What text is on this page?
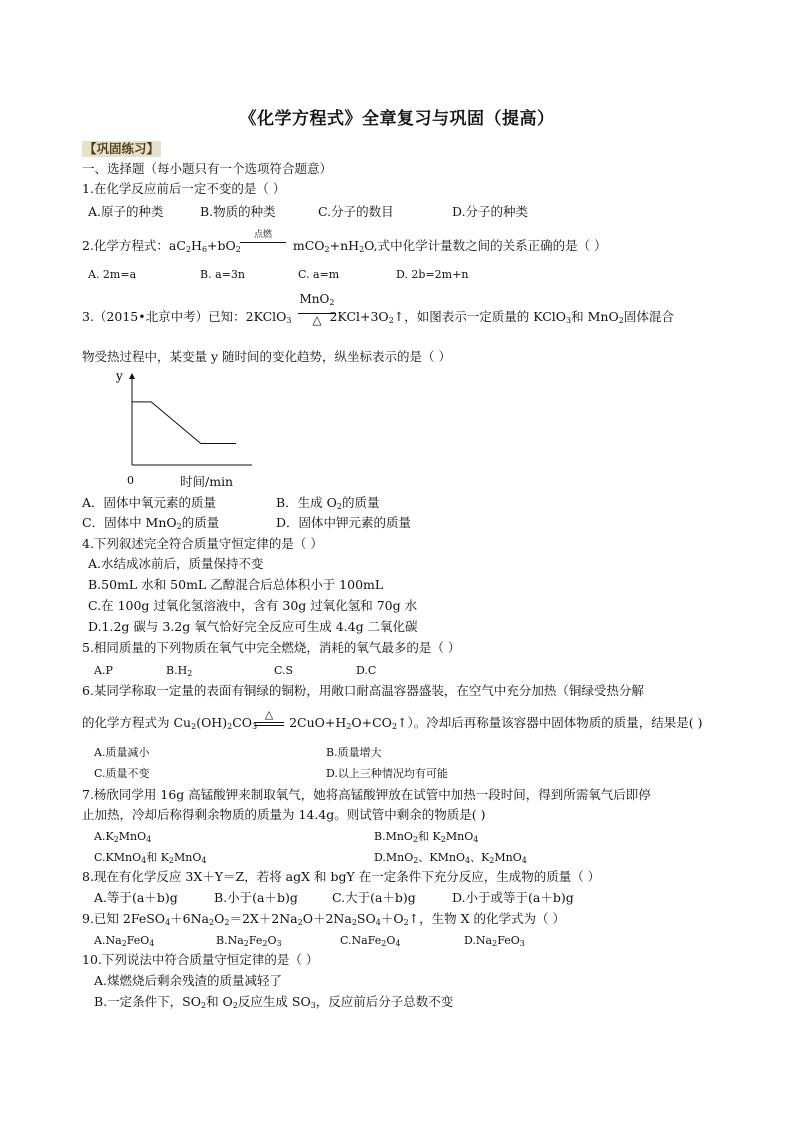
《化学方程式》全章复习与巩固（提高）
【巩固练习】
一、选择题（每小题只有一个选项符合题意）
1.在化学反应前后一定不变的是（ ）
A.原子的种类	B.物质的种类	C.分子的数目	D.分子的种类
2.化学方程式：$aC_2H_6+bO_2$	$mCO_2+nH_2O$,式中化学计量数之间的关系正确的是（ ）
点燃
A. 2m=a	B. a=3n	C. a=m	D. 2b=2m+n
MnO$_2$
△
3.（2015•北京中考）已知：2KClO$_3$	$2KCl+3O_2↑$，如图表示一定质量的 KClO$_3$和 MnO$_2$固体混合
物受热过程中，某变量 y 随时间的变化趋势，纵坐标表示的是（ ）
y
0	时间/min
A．固体中氧元素的质量	B．生成 $O_2$的质量
C．固体中 MnO$_2$的质量	D．固体中钾元素的质量
4.下列叙述完全符合质量守恒定律的是（ ）
A.水结成冰前后，质量保持不变
B.50mL 水和 50mL 乙醇混合后总体积小于 100mL
C.在 100g 过氧化氢溶液中，含有 30g 过氧化氢和 70g 水
D.1.2g 碳与 3.2g 氧气恰好完全反应可生成 4.4g 二氧化碳
5.相同质量的下列物质在氧气中完全燃烧，消耗的氧气最多的是（ ）
A.P	$B.H_2$	C.S	D.C
6.某同学称取一定量的表面有铜绿的铜粉，用敞口耐高温容器盛装，在空气中充分加热（铜绿受热分解
△
的化学方程式为 $Cu_2(OH)_2CO_3$	$2CuO+H_2O+CO_2↑$）。冷却后再称量该容器中固体物质的质量，结果是( )
A.质量减小	B.质量增大
C.质量不变	D.以上三种情况均有可能
7.杨欣同学用 16g 高锰酸钾来制取氧气，她将高锰酸钾放在试管中加热一段时间，得到所需氧气后即停
止加热，冷却后称得剩余物质的质量为 14.4g。则试管中剩余的物质是( )
$A.K_2MnO_4$	B.MnO$_2$和 $K_2MnO_4$
C.KMnO$_4$和 $K_2MnO_4$	D.MnO$_2$、KMnO$_4$、$K_2MnO_4$
8.现在有化学反应 3X＋Y＝Z，若将 agX 和 bgY 在一定条件下充分反应，生成物的质量（ ）
A.等于(a＋b)g	B.小于(a＋b)g	C.大于(a＋b)g	D.小于或等于(a＋b)g
9.已知 $2FeSO_4+6Na_2O_2=2X+2Na_2O+2Na_2SO_4+O_2↑$，生物 X 的化学式为（ ）
$A.Na_2FeO_4$	$B.Na_2Fe_2O_3$	$C.NaFe_2O_4$	$D.Na_2FeO_3$
10.下列说法中符合质量守恒定律的是（ ）
A.煤燃烧后剩余残渣的质量减轻了
B.一定条件下，$SO_2$和 $O_2$反应生成 $SO_3$，反应前后分子总数不变
